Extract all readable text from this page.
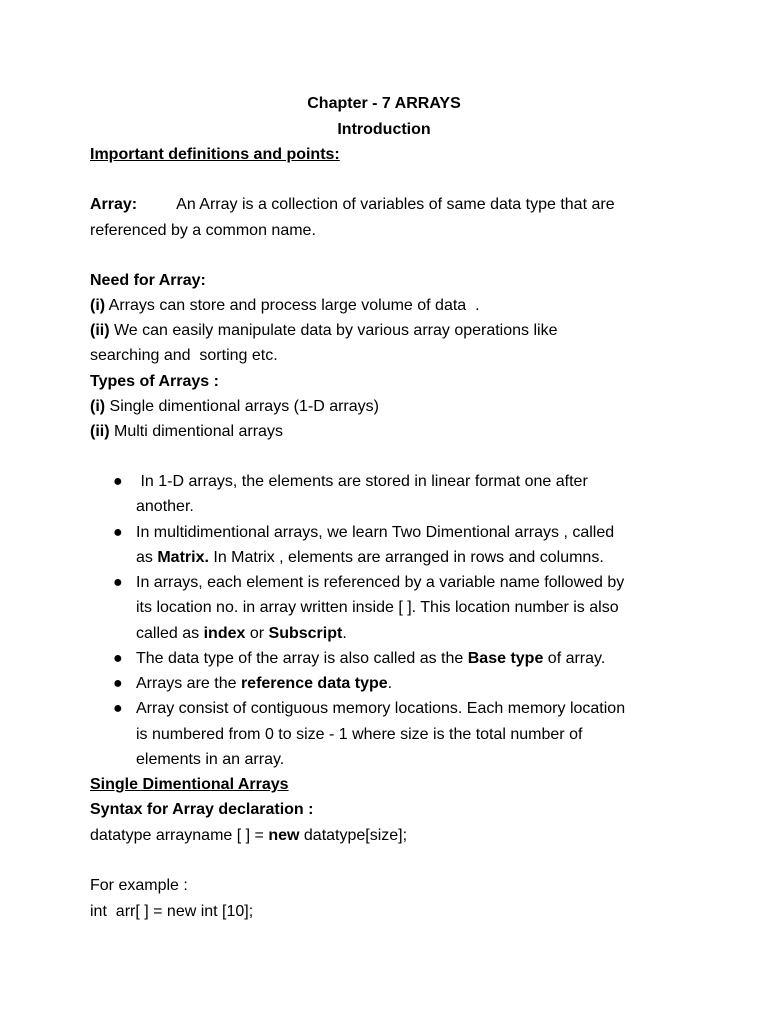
Chapter - 7 ARRAYS
Introduction
Important definitions and points:
Array: An Array is a collection of variables of same data type that are
referenced by a common name.
Need for Array:
(i) Arrays can store and process large volume of data  .
(ii) We can easily manipulate data by various array operations like
searching and  sorting etc.
Types of Arrays :
(i) Single dimentional arrays (1-D arrays)
(ii) Multi dimentional arrays
● In 1-D arrays, the elements are stored in linear format one after
another.
● In multidimentional arrays, we learn Two Dimentional arrays , called
as Matrix. In Matrix , elements are arranged in rows and columns.
● In arrays, each element is referenced by a variable name followed by
its location no. in array written inside [ ]. This location number is also
called as index or Subscript.
● The data type of the array is also called as the Base type of array.
● Arrays are the reference data type.
● Array consist of contiguous memory locations. Each memory location
is numbered from 0 to size - 1 where size is the total number of
elements in an array.
Single Dimentional Arrays
Syntax for Array declaration :
datatype arrayname [ ] = new datatype[size];
For example :
int  arr[ ] = new int [10];
